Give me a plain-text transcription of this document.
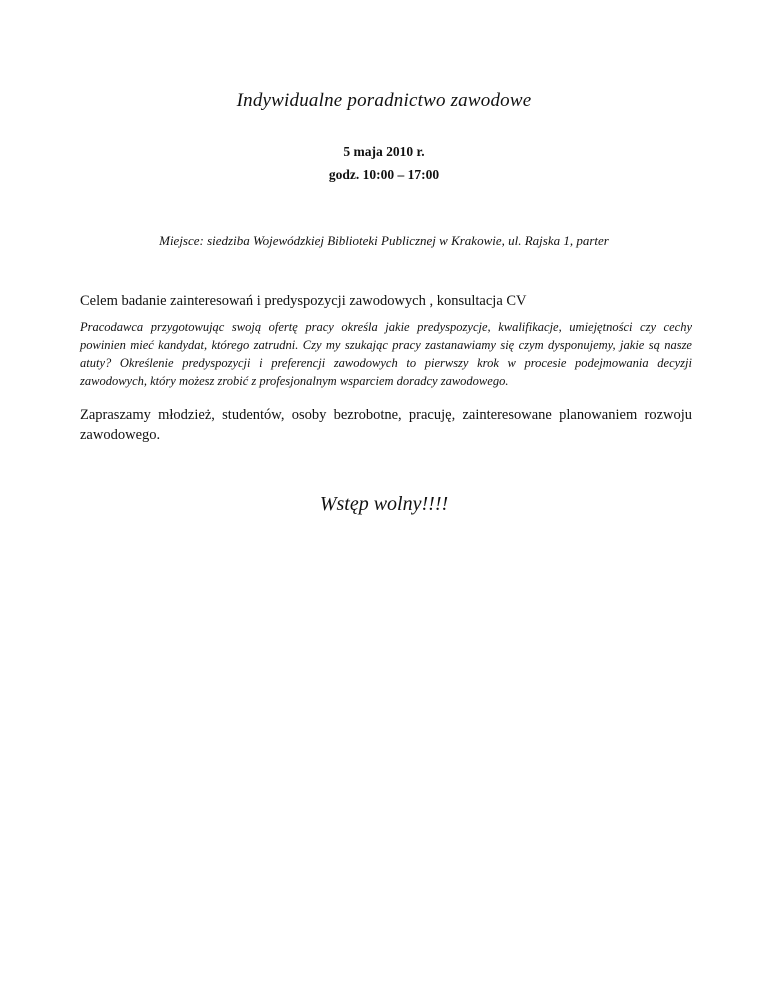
Indywidualne poradnictwo zawodowe
5 maja 2010 r.
godz. 10:00 – 17:00
Miejsce: siedziba Wojewódzkiej Biblioteki Publicznej w Krakowie, ul. Rajska 1, parter
Celem badanie zainteresowań i predyspozycji zawodowych , konsultacja CV
Pracodawca przygotowując swoją ofertę pracy określa jakie predyspozycje, kwalifikacje, umiejętności czy cechy powinien mieć kandydat, którego zatrudni. Czy my szukając pracy zastanawiamy się czym dysponujemy, jakie są nasze atuty? Określenie predyspozycji i preferencji zawodowych to pierwszy krok w procesie podejmowania decyzji zawodowych, który możesz zrobić z profesjonalnym wsparciem doradcy zawodowego.
Zapraszamy młodzież, studentów, osoby bezrobotne, pracuję, zainteresowane planowaniem rozwoju zawodowego.
Wstęp wolny!!!!
